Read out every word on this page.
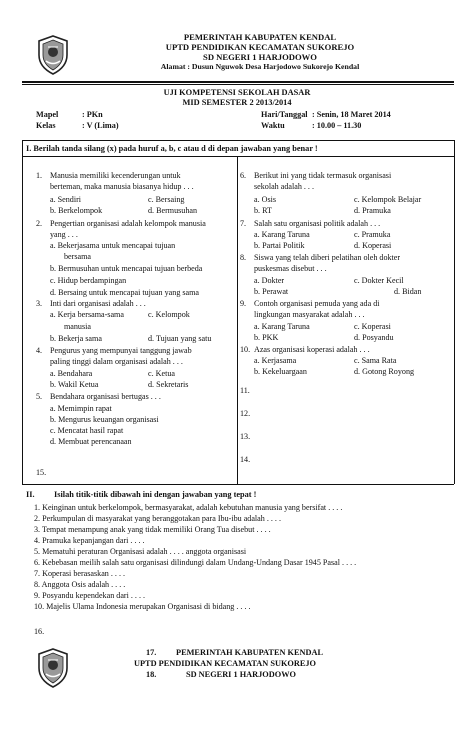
PEMERINTAH KABUPATEN KENDAL
UPTD PENDIDIKAN KECAMATAN SUKOREJO
SD NEGERI 1 HARJODOWO
Alamat : Dusun Nguwok Desa Harjodowo Sukorejo Kendal
UJI KOMPETENSI SEKOLAH DASAR
MID SEMESTER 2 2013/2014
Mapel	: PKn	Hari/Tanggal : Senin, 18 Maret 2014
Kelas	: V (Lima)	Waktu	: 10.00 – 11.30
I. Berilah tanda silang (x) pada huruf a, b, c atau d di depan jawaban yang benar !
1. Manusia memiliki kecenderungan untuk
berteman, maka manusia biasanya hidup . . .
a. Sendiri	c. Bersaing
b. Berkelompok	d. Bermusuhan
2. Pengertian organisasi adalah kelompok manusia
yang . . .
a. Bekerjasama untuk mencapai tujuan
bersama
b. Bermusuhan untuk mencapai tujuan berbeda
c. Hidup berdampingan
d. Bersaing untuk mencapai tujuan yang sama
3. Inti dari organisasi adalah . . .
a. Kerja bersama-sama	c. Kelompok
manusia
b. Bekerja sama	d. Tujuan yang satu
4. Pengurus yang mempunyai tanggung jawab
paling tinggi dalam organisasi adalah . . .
a. Bendahara	c. Ketua
b. Wakil Ketua	d. Sekretaris
5. Bendahara organisasi bertugas . . .
a. Memimpin rapat
b. Mengurus keuangan organisasi
c. Mencatat hasil rapat
d. Membuat perencanaan
15.
6. Berikut ini yang tidak termasuk organisasi
sekolah adalah . . .
a. Osis	c. Kelompok Belajar
b. RT	d. Pramuka
7. Salah satu organisasi politik adalah . . .
a. Karang Taruna	c. Pramuka
b. Partai Politik	d. Koperasi
8. Siswa yang telah diberi pelatihan oleh dokter
puskesmas disebut . . .
a. Dokter	c. Dokter Kecil
b. Perawat	d. Bidan
9. Contoh organisasi pemuda yang ada di
lingkungan masyarakat adalah . . .
a. Karang Taruna	c. Koperasi
b. PKK	d. Posyandu
10. Azas organisasi koperasi adalah . . .
a. Kerjasama	c. Sama Rata
b. Kekeluargaan	d. Gotong Royong
11.
12.
13.
14.
II. Isilah titik-titik dibawah ini dengan jawaban yang tepat !
1. Keinginan untuk berkelompok, bermasyarakat, adalah kebutuhan manusia yang bersifat . . . .
2. Perkumpulan di masyarakat yang beranggotakan para Ibu-ibu adalah . . . .
3. Tempat menampung anak yang tidak memiliki Orang Tua disebut . . . .
4. Pramuka kepanjangan dari . . . .
5. Mematuhi peraturan Organisasi adalah . . . . anggota organisasi
6. Kebebasan meilih salah satu organisasi dilindungi dalam Undang-Undang Dasar 1945 Pasal . . . .
7. Koperasi berasaskan . . . .
8. Anggota Osis adalah . . . .
9. Posyandu kependekan dari . . . .
10. Majelis Ulama Indonesia merupakan Organisasi di bidang . . . .
16.
17. PEMERINTAH KABUPATEN KENDAL
UPTD PENDIDIKAN KECAMATAN SUKOREJO
18.	SD NEGERI 1 HARJODOWO
